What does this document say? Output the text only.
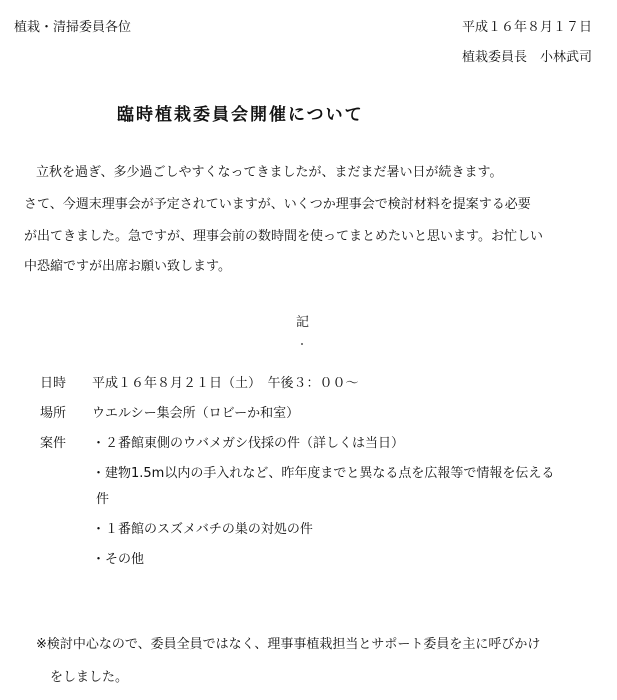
植栽・清掃委員各位	平成１６年８月１７日
植栽委員長　小林武司
臨時植栽委員会開催について
立秋を過ぎ、多少過ごしやすくなってきましたが、まだまだ暑い日が続きます。
さて、今週末理事会が予定されていますが、いくつか理事会で検討材料を提案する必要
が出てきました。急ですが、理事会前の数時間を使ってまとめたいと思います。お忙しい
中恐縮ですが出席お願い致します。
記
日時 平成１６年８月２１日（土）　午後３：００～
場所 ウエルシー集会所（ロビーか和室）
案件 ・２番館東側のウバメガシ伐採の件（詳しくは当日）
・建物1.5m以内の手入れなど、昨年度までと異なる点を広報等で情報を伝える
件
・１番館のスズメバチの巣の対処の件
・その他
※検討中心なので、委員全員ではなく、理事事植栽担当とサポート委員を主に呼びかけ
をしました。
